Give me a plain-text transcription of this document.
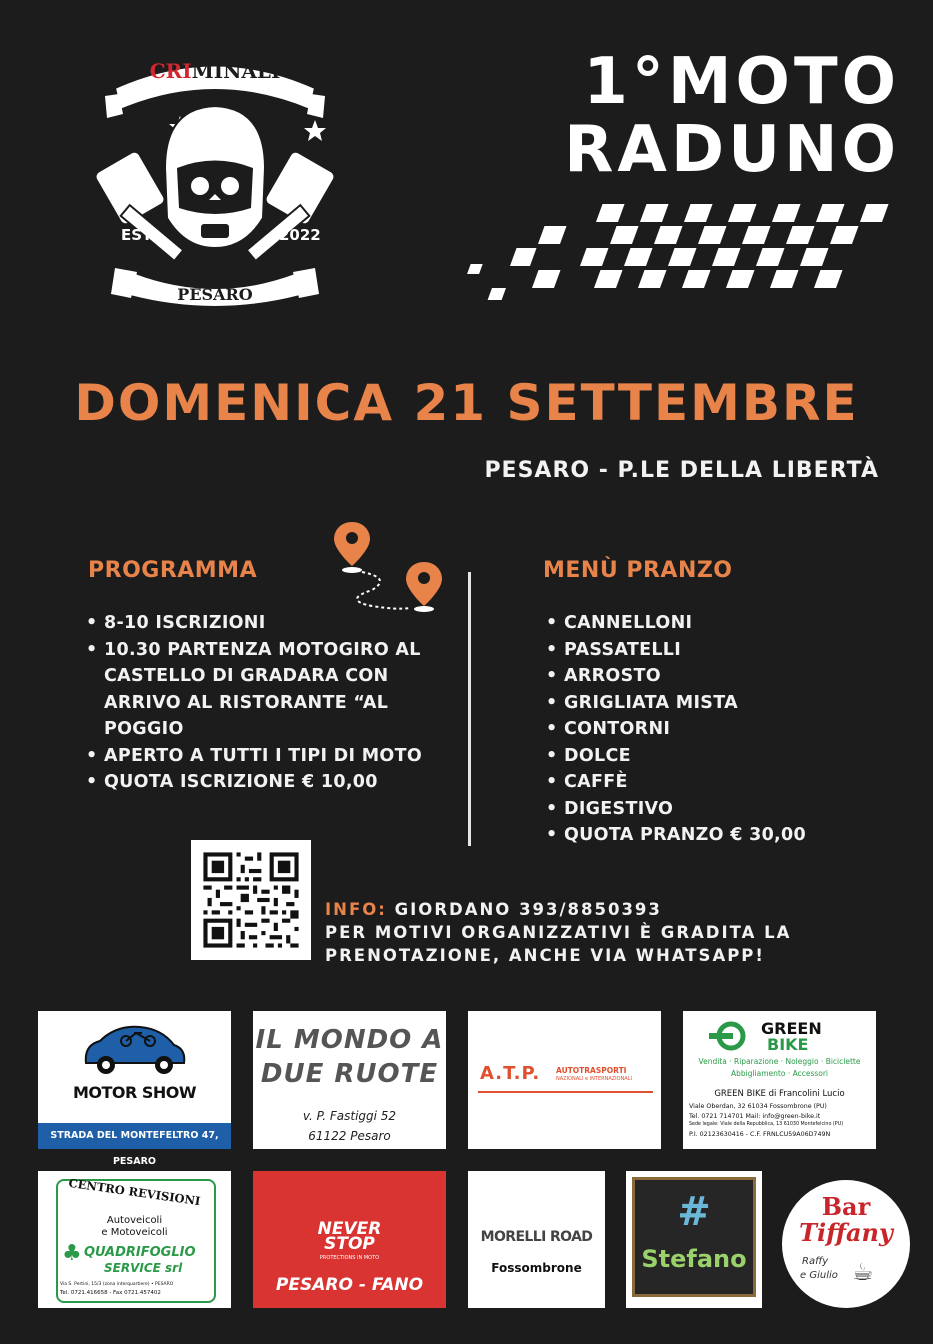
CRIMINALI
EST	2022
PESARO
1°MOTO
RADUNO
DOMENICA 21 SETTEMBRE
PESARO - P.LE DELLA LIBERTÀ
PROGRAMMA
• 8-10 ISCRIZIONI
• 10.30 PARTENZA MOTOGIRO AL CASTELLO DI GRADARA CON ARRIVO AL RISTORANTE “AL POGGIO
• APERTO A TUTTI I TIPI DI MOTO
• QUOTA ISCRIZIONE € 10,00
MENÙ PRANZO
• CANNELLONI
• PASSATELLI
• ARROSTO
• GRIGLIATA MISTA
• CONTORNI
• DOLCE
• CAFFÈ
• DIGESTIVO
• QUOTA PRANZO € 30,00
INFO: GIORDANO 393/8850393
PER MOTIVI ORGANIZZATIVI È GRADITA LA PRENOTAZIONE, ANCHE VIA WHATSAPP!
MOTOR SHOW
STRADA DEL MONTEFELTRO 47, PESARO
IL MONDO A
DUE RUOTE
v. P. Fastiggi 52
61122 Pesaro
A.T.P. AUTOTRASPORTI
NAZIONALI e INTERNAZIONALI
GREEN
BIKE
Vendita · Riparazione · Noleggio · Biciclette
Abbigliamento · Accessori
GREEN BIKE di Francolini Lucio
Viale Oberdan, 32 61034 Fossombrone (PU)
Tel. 0721 714701 Mail: info@green-bike.it
Sede legale: Viale della Repubblica, 13 61030 Montefelcino (PU)
P.I. 02123630416 - C.F. FRNLCU59A06D749N
CENTRO REVISIONI
Autoveicoli
e Motoveicoli
♣ QUADRIFOGLIO
SERVICE srl
Via S. Pertini, 15/3 (zona interquartiere) • PESARO
Tel. 0721.416658 - Fax 0721.457402
NEVER
STOP
PROTECTIONS IN MOTO
PESARO - FANO
MORELLI ROAD
Fossombrone
#
Stefano
Bar
Tiffany
Raffy
e Giulio ☕
